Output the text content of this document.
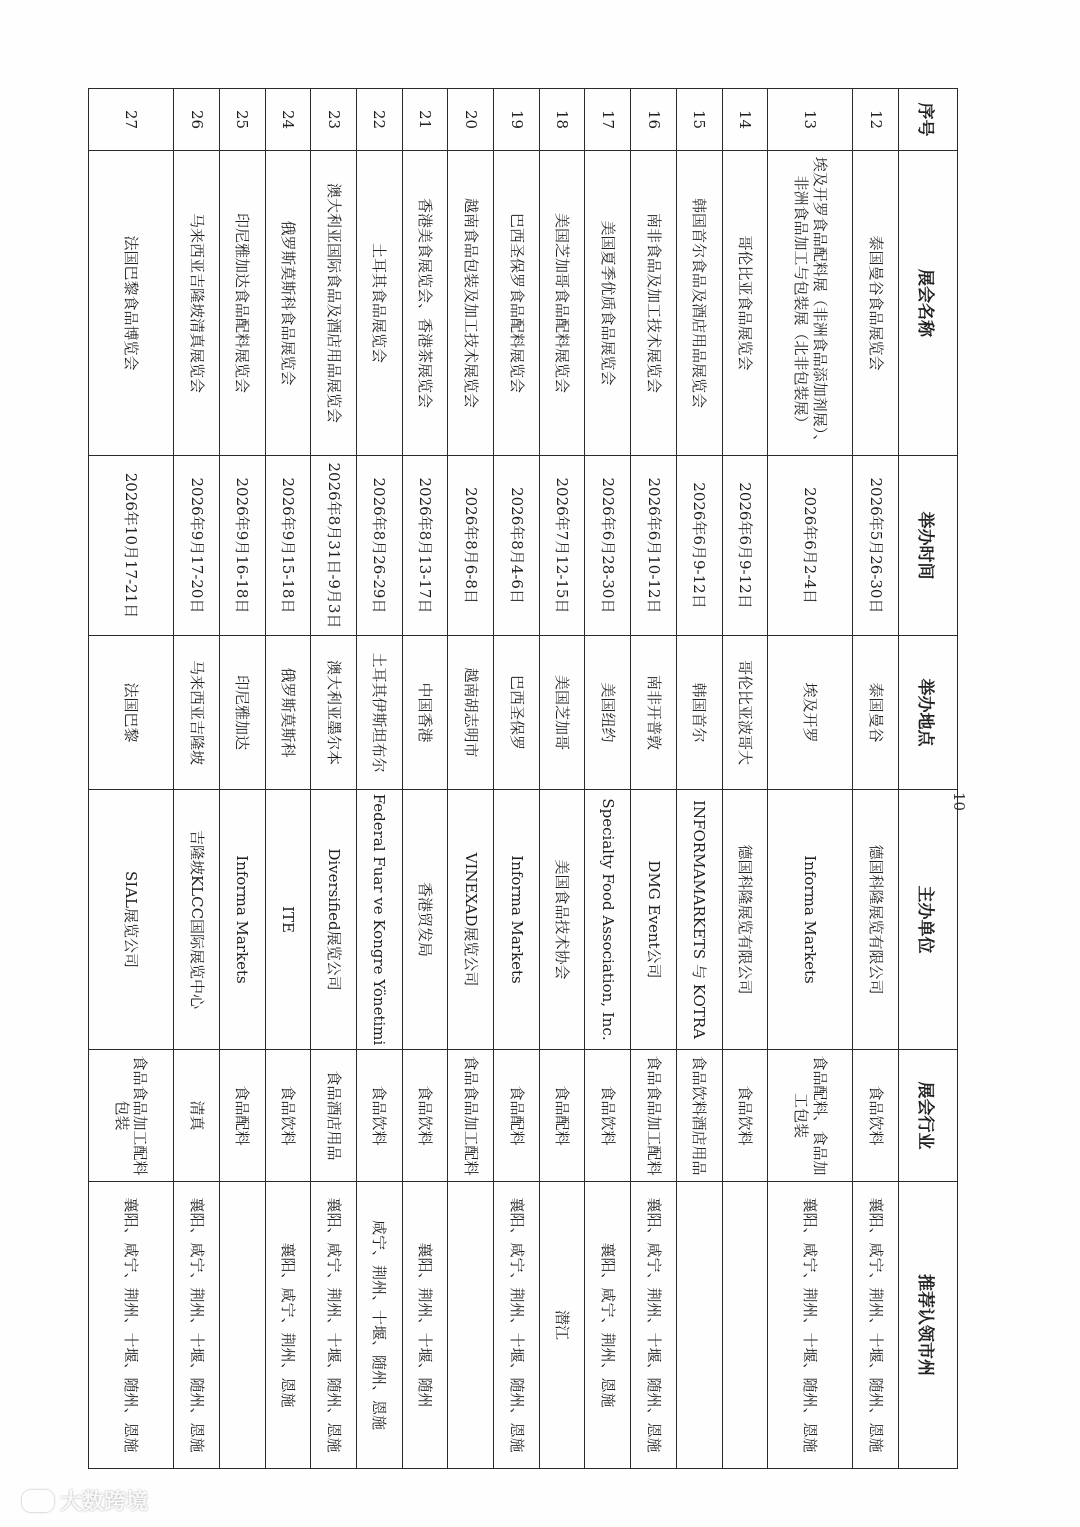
序号	展会名称	举办时间	举办地点	主办单位	展会行业	推荐认领市州
12	泰国曼谷食品展览会	2026年5月26-30日	泰国曼谷	德国科隆展览有限公司	食品饮料	襄阳、咸宁、荆州、十堰、随州、恩施
13	埃及开罗食品配料展（非洲食品添加剂展）、非洲食品加工与包装展（北非包装展）	2026年6月2-4日	埃及开罗	Informa Markets	食品配料、食品加工包装	襄阳、咸宁、荆州、十堰、随州、恩施
14	哥伦比亚食品展览会	2026年6月9-12日	哥伦比亚波哥大	德国科隆展览有限公司	食品饮料	
15	韩国首尔食品及酒店用品展览会	2026年6月9-12日	韩国首尔	INFORMAMARKETS 与 KOTRA	食品饮料酒店用品	
16	南非食品及加工技术展览会	2026年6月10-12日	南非开普敦	DMG Event公司	食品食品加工配料	襄阳、咸宁、荆州、十堰、随州、恩施
17	美国夏季优质食品展览会	2026年6月28-30日	美国纽约	Specialty Food Association, Inc.	食品饮料	襄阳、咸宁、荆州、恩施
18	美国芝加哥食品配料展览会	2026年7月12-15日	美国芝加哥	美国食品技术协会	食品配料	潜江
19	巴西圣保罗食品配料展览会	2026年8月4-6日	巴西圣保罗	Informa Markets	食品配料	襄阳、咸宁、荆州、十堰、随州、恩施
20	越南食品包装及加工技术展览会	2026年8月6-8日	越南胡志明市	VINEXAD展览公司	食品食品加工配料	
21	香港美食展览会、香港茶展览会	2026年8月13-17日	中国香港	香港贸发局	食品饮料	襄阳、荆州、十堰、随州
22	土耳其食品展览会	2026年8月26-29日	土耳其伊斯坦布尔	Federal Fuar ve Kongre Yönetimi	食品饮料	咸宁、荆州、十堰、随州、恩施
23	澳大利亚国际食品及酒店用品展览会	2026年8月31日-9月3日	澳大利亚墨尔本	Diversified展览公司	食品酒店用品	襄阳、咸宁、荆州、十堰、随州、恩施
24	俄罗斯莫斯科食品展览会	2026年9月15-18日	俄罗斯莫斯科	ITE	食品饮料	襄阳、咸宁、荆州、恩施
25	印尼雅加达食品配料展览会	2026年9月16-18日	印尼雅加达	Informa Markets	食品配料	
26	马来西亚吉隆坡清真展览会	2026年9月17-20日	马来西亚吉隆坡	吉隆坡KLCC国际展览中心	清真	襄阳、咸宁、荆州、十堰、随州、恩施
27	法国巴黎食品博览会	2026年10月17-21日	法国巴黎	SIAL展览公司	食品食品加工配料包装	襄阳、咸宁、荆州、十堰、随州、恩施
10
大数跨境
